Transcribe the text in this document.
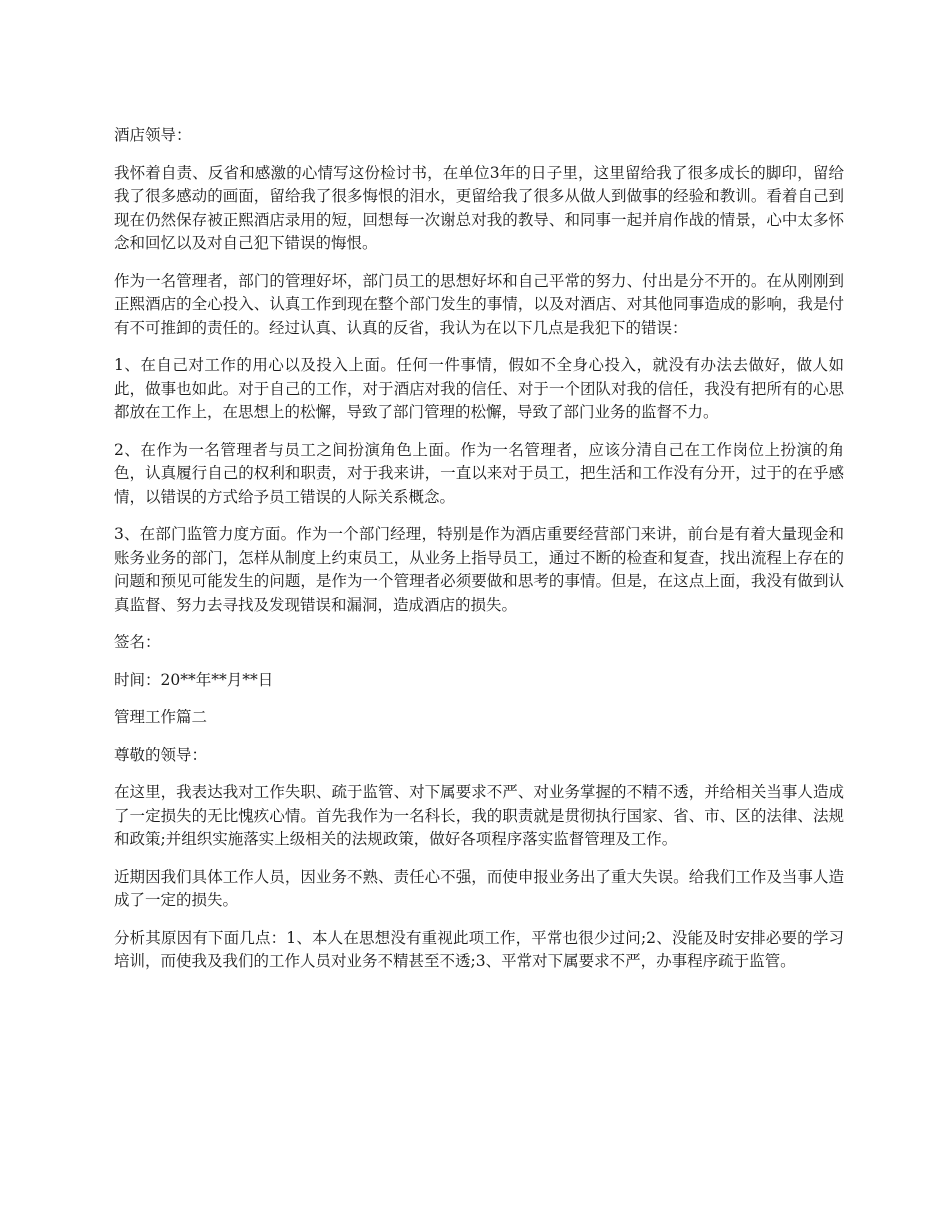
酒店领导：

我怀着自责、反省和感激的心情写这份检讨书，在单位3年的日子里，这里留给我了很多成长的脚印，留给我了很多感动的画面，留给我了很多悔恨的泪水，更留给我了很多从做人到做事的经验和教训。看着自己到现在仍然保存被正熙酒店录用的短，回想每一次谢总对我的教导、和同事一起并肩作战的情景，心中太多怀念和回忆以及对自己犯下错误的悔恨。

作为一名管理者，部门的管理好坏，部门员工的思想好坏和自己平常的努力、付出是分不开的。在从刚刚到正熙酒店的全心投入、认真工作到现在整个部门发生的事情，以及对酒店、对其他同事造成的影响，我是付有不可推卸的责任的。经过认真、认真的反省，我认为在以下几点是我犯下的错误：

1、在自己对工作的用心以及投入上面。任何一件事情，假如不全身心投入，就没有办法去做好，做人如此，做事也如此。对于自己的工作，对于酒店对我的信任、对于一个团队对我的信任，我没有把所有的心思都放在工作上，在思想上的松懈，导致了部门管理的松懈，导致了部门业务的监督不力。

2、在作为一名管理者与员工之间扮演角色上面。作为一名管理者，应该分清自己在工作岗位上扮演的角色，认真履行自己的权利和职责，对于我来讲，一直以来对于员工，把生活和工作没有分开，过于的在乎感情，以错误的方式给予员工错误的人际关系概念。

3、在部门监管力度方面。作为一个部门经理，特别是作为酒店重要经营部门来讲，前台是有着大量现金和账务业务的部门，怎样从制度上约束员工，从业务上指导员工，通过不断的检查和复查，找出流程上存在的问题和预见可能发生的问题，是作为一个管理者必须要做和思考的事情。但是，在这点上面，我没有做到认真监督、努力去寻找及发现错误和漏洞，造成酒店的损失。

签名：

时间：20**年**月**日

管理工作篇二

尊敬的领导：

在这里，我表达我对工作失职、疏于监管、对下属要求不严、对业务掌握的不精不透，并给相关当事人造成了一定损失的无比愧疚心情。首先我作为一名科长，我的职责就是贯彻执行国家、省、市、区的法律、法规和政策;并组织实施落实上级相关的法规政策，做好各项程序落实监督管理及工作。

近期因我们具体工作人员，因业务不熟、责任心不强，而使申报业务出了重大失误。给我们工作及当事人造成了一定的损失。

分析其原因有下面几点：1、本人在思想没有重视此项工作，平常也很少过问;2、没能及时安排必要的学习培训，而使我及我们的工作人员对业务不精甚至不透;3、平常对下属要求不严，办事程序疏于监管。
